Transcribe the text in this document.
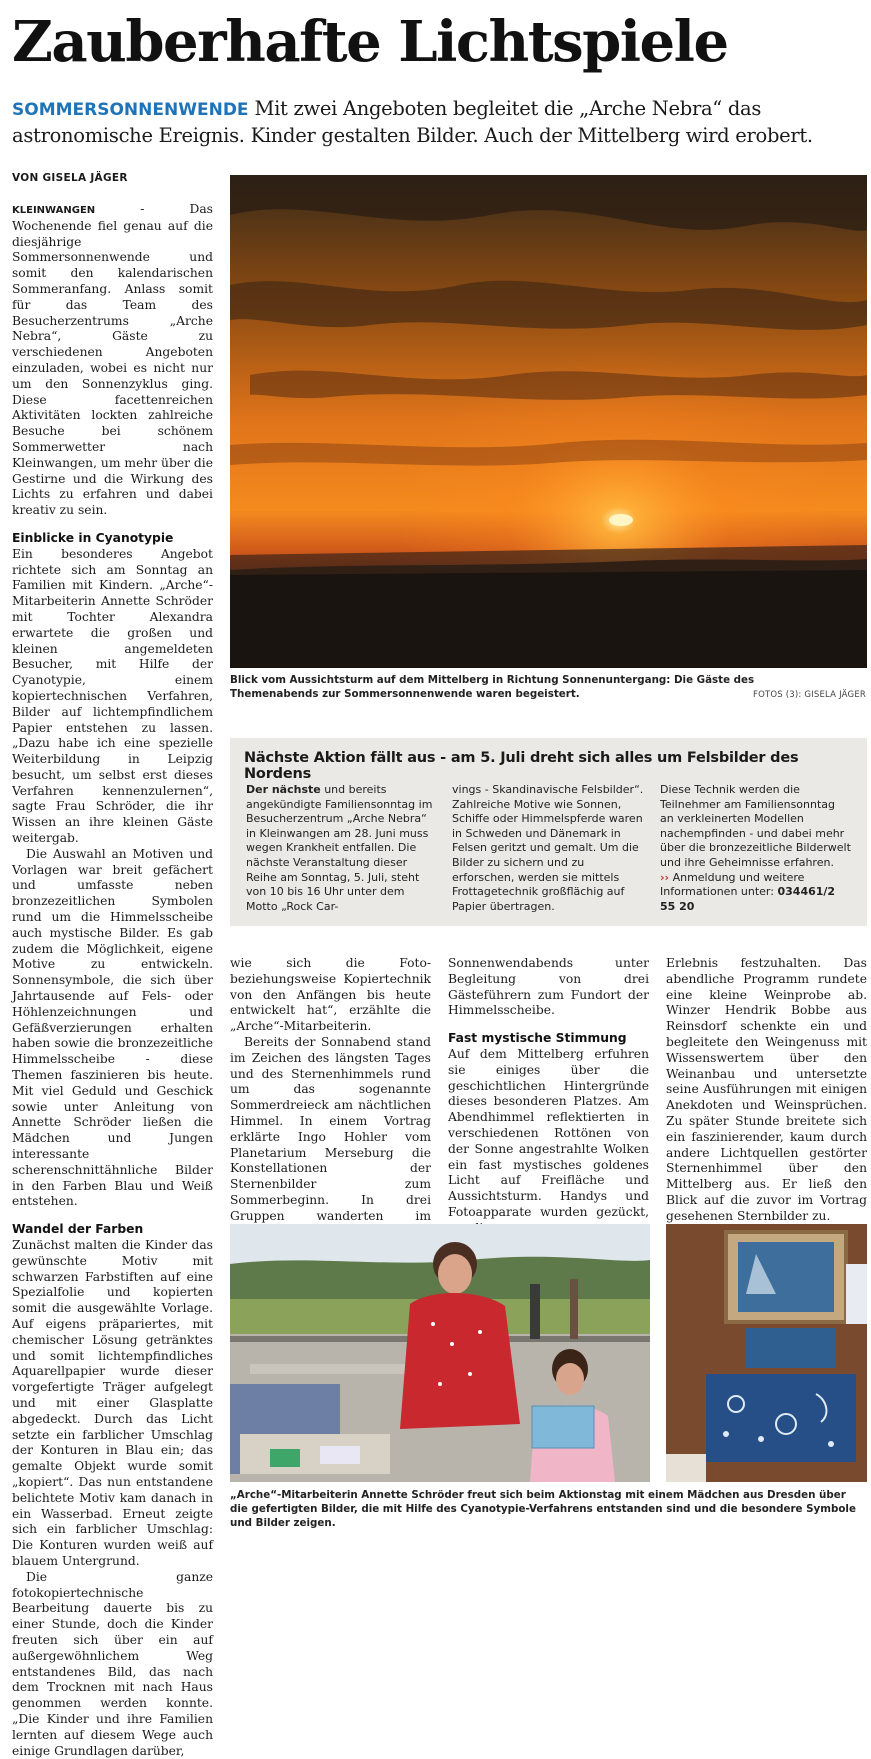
Zauberhafte Lichtspiele
SOMMERSONNENWENDE Mit zwei Angeboten begleitet die „Arche Nebra“ das astronomische Ereignis. Kinder gestalten Bilder. Auch der Mittelberg wird erobert.
VON GISELA JÄGER

KLEINWANGEN - Das Wochenende fiel genau auf die diesjährige Sommersonnenwende und somit den kalendarischen Sommeranfang. Anlass somit für das Team des Besucherzentrums „Arche Nebra“, Gäste zu verschiedenen Angeboten einzuladen, wobei es nicht nur um den Sonnenzyklus ging. Diese facettenreichen Aktivitäten lockten zahlreiche Besuche bei schönem Sommerwetter nach Kleinwangen, um mehr über die Gestirne und die Wirkung des Lichts zu erfahren und dabei kreativ zu sein.

Einblicke in Cyanotypie

Ein besonderes Angebot richtete sich am Sonntag an Familien mit Kindern. „Arche“-Mitarbeiterin Annette Schröder mit Tochter Alexandra erwartete die großen und kleinen angemeldeten Besucher, mit Hilfe der Cyanotypie, einem kopiertechnischen Verfahren, Bilder auf lichtempfindlichem Papier entstehen zu lassen. „Dazu habe ich eine spezielle Weiterbildung in Leipzig besucht, um selbst erst dieses Verfahren kennenzulernen“, sagte Frau Schröder, die ihr Wissen an ihre kleinen Gäste weitergab.

Die Auswahl an Motiven und Vorlagen war breit gefächert und umfasste neben bronzezeitlichen Symbolen rund um die Himmelsscheibe auch mystische Bilder. Es gab zudem die Möglichkeit, eigene Motive zu entwickeln. Sonnensymbole, die sich über Jahrtausende auf Fels- oder Höhlenzeichnungen und Gefäßverzierungen erhalten haben sowie die bronzezeitliche Himmelsscheibe - diese Themen faszinieren bis heute. Mit viel Geduld und Geschick sowie unter Anleitung von Annette Schröder ließen die Mädchen und Jungen interessante scherenschnittähnliche Bilder in den Farben Blau und Weiß entstehen.

Wandel der Farben

Zunächst malten die Kinder das gewünschte Motiv mit schwarzen Farbstiften auf eine Spezialfolie und kopierten somit die ausgewählte Vorlage. Auf eigens präpariertes, mit chemischer Lösung getränktes und somit lichtempfindliches Aquarellpapier wurde dieser vorgefertigte Träger aufgelegt und mit einer Glasplatte abgedeckt. Durch das Licht setzte ein farblicher Umschlag der Konturen in Blau ein; das gemalte Objekt wurde somit „kopiert“. Das nun entstandene belichtete Motiv kam danach in ein Wasserbad. Erneut zeigte sich ein farblicher Umschlag: Die Konturen wurden weiß auf blauem Untergrund.

Die ganze fotokopiertechnische Bearbeitung dauerte bis zu einer Stunde, doch die Kinder freuten sich über ein auf außergewöhnlichem Weg entstandenes Bild, das nach dem Trocknen mit nach Haus genommen werden konnte. „Die Kinder und ihre Familien lernten auf diesem Wege auch einige Grundlagen darüber,

Blick vom Aussichtsturm auf dem Mittelberg in Richtung Sonnenuntergang: Die Gäste des Themenabends zur Sommersonnenwende waren begeistert.	FOTOS (3): GISELA JÄGER
Nächste Aktion fällt aus - am 5. Juli dreht sich alles um Felsbilder des Nordens
Der nächste und bereits angekündigte Familiensonntag im Besucherzentrum „Arche Nebra“ in Kleinwangen am 28. Juni muss wegen Krankheit entfallen. Die nächste Veranstaltung dieser Reihe am Sonntag, 5. Juli, steht von 10 bis 16 Uhr unter dem Motto „Rock Car-
vings - Skandinavische Felsbilder“. Zahlreiche Motive wie Sonnen, Schiffe oder Himmelspferde waren in Schweden und Dänemark in Felsen geritzt und gemalt. Um die Bilder zu sichern und zu erforschen, werden sie mittels Frottagetechnik großflächig auf Papier übertragen.
Diese Technik werden die Teilnehmer am Familiensonntag an verkleinerten Modellen nachempfinden - und dabei mehr über die bronzezeitliche Bilderwelt und ihre Geheimnisse erfahren.
›› Anmeldung und weitere Informationen unter: 034461/2 55 20

wie sich die Foto- beziehungsweise Kopiertechnik von den Anfängen bis heute entwickelt hat“, erzählte die „Arche“-Mitarbeiterin.

Bereits der Sonnabend stand im Zeichen des längsten Tages und des Sternenhimmels rund um das sogenannte Sommerdreieck am nächtlichen Himmel. In einem Vortrag erklärte Ingo Hohler vom Planetarium Merseburg die Konstellationen der Sternenbilder zum Sommerbeginn. In drei Gruppen wanderten im

Sonnenwendabends unter Begleitung von drei Gästeführern zum Fundort der Himmelsscheibe.

Fast mystische Stimmung

Auf dem Mittelberg erfuhren sie einiges über die geschichtlichen Hintergründe dieses besonderen Platzes. Am Abendhimmel reflektierten in verschiedenen Rottönen von der Sonne angestrahlte Wolken ein fast mystisches goldenes Licht auf Freifläche und Aussichtsturm. Handys und Fotoapparate wurden gezückt,

Erlebnis festzuhalten. Das abendliche Programm rundete eine kleine Weinprobe ab. Winzer Hendrik Bobbe aus Reinsdorf schenkte ein und begleitete den Weingenuss mit Wissenswertem über den Weinanbau und untersetzte seine Ausführungen mit einigen Anekdoten und Weinsprüchen. Zu später Stunde breitete sich ein faszinierender, kaum durch andere Lichtquellen gestörter Sternenhimmel über den Mittelberg aus. Er ließ den Blick auf die zuvor im Vortrag gesehenen Sternbilder zu.

„Arche“-Mitarbeiterin Annette Schröder freut sich beim Aktionstag mit einem Mädchen aus Dresden über die gefertigten Bilder, die mit Hilfe des Cyanotypie-Verfahrens entstanden sind und die besondere Symbole und Bilder zeigen.
